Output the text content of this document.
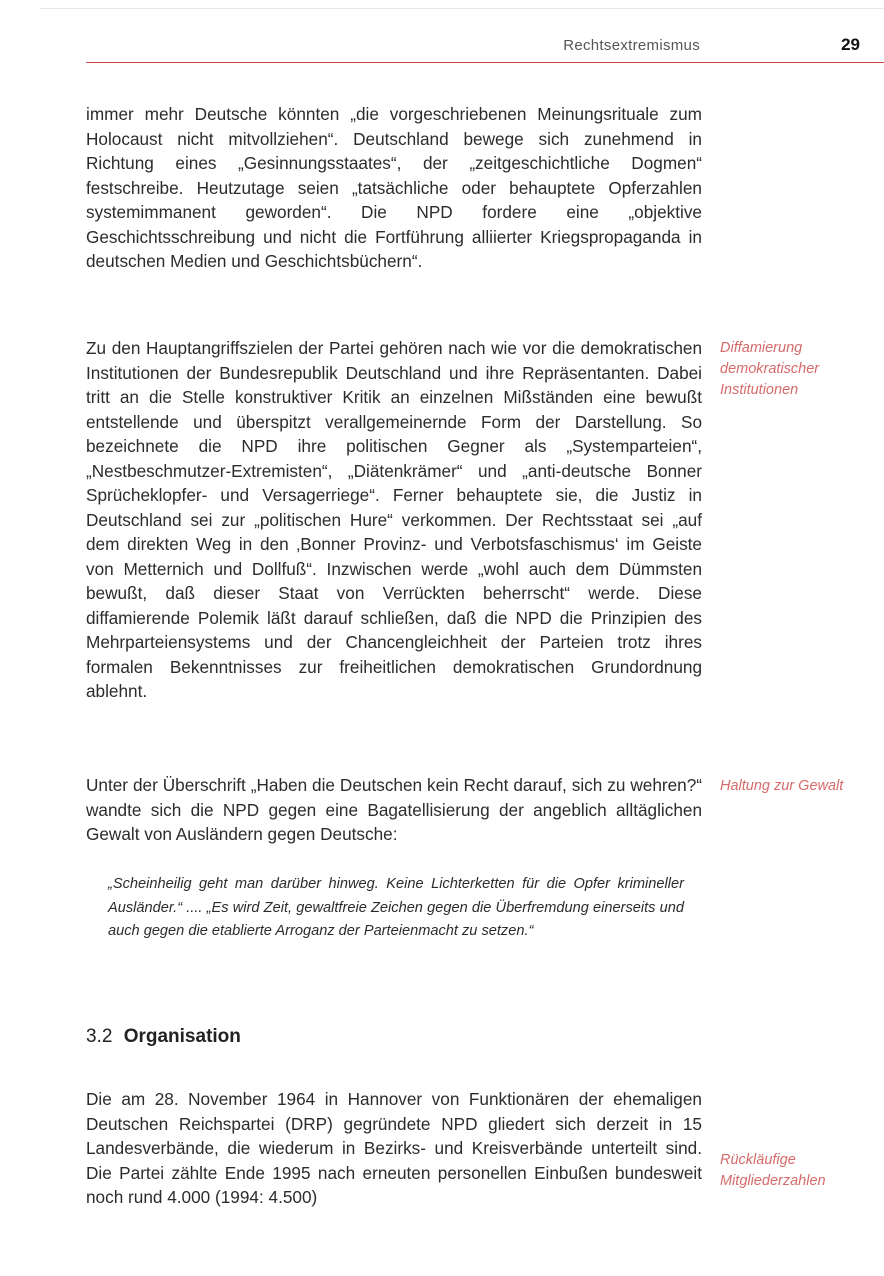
Rechtsextremismus	29
immer mehr Deutsche könnten „die vorgeschriebenen Meinungsrituale zum Holocaust nicht mitvollziehen“. Deutschland bewege sich zunehmend in Richtung eines „Gesinnungsstaates“, der „zeitgeschichtliche Dogmen“ festschreibe. Heutzutage seien „tatsächliche oder behauptete Opferzahlen systemimmanent geworden“. Die NPD fordere eine „objektive Geschichtsschreibung und nicht die Fortführung alliierter Kriegspropaganda in deutschen Medien und Geschichtsbüchern“.
Zu den Hauptangriffszielen der Partei gehören nach wie vor die demokratischen Institutionen der Bundesrepublik Deutschland und ihre Repräsentanten. Dabei tritt an die Stelle konstruktiver Kritik an einzelnen Mißständen eine bewußt entstellende und überspitzt verallgemeinernde Form der Darstellung. So bezeichnete die NPD ihre politischen Gegner als „Systemparteien“, „Nestbeschmutzer-Extremisten“, „Diätenkrämer“ und „anti-deutsche Bonner Sprücheklopfer- und Versagerriege“. Ferner behauptete sie, die Justiz in Deutschland sei zur „politischen Hure“ verkommen. Der Rechtsstaat sei „auf dem direkten Weg in den ‚Bonner Provinz- und Verbotsfaschismus‘ im Geiste von Metternich und Dollfuß“. Inzwischen werde „wohl auch dem Dümmsten bewußt, daß dieser Staat von Verrückten beherrscht“ werde. Diese diffamierende Polemik läßt darauf schließen, daß die NPD die Prinzipien des Mehrparteiensystems und der Chancengleichheit der Parteien trotz ihres formalen Bekenntnisses zur freiheitlichen demokratischen Grundordnung ablehnt.
Unter der Überschrift „Haben die Deutschen kein Recht darauf, sich zu wehren?“ wandte sich die NPD gegen eine Bagatellisierung der angeblich alltäglichen Gewalt von Ausländern gegen Deutsche:
„Scheinheilig geht man darüber hinweg. Keine Lichterketten für die Opfer krimineller Ausländer.“ .... „Es wird Zeit, gewaltfreie Zeichen gegen die Überfremdung einerseits und auch gegen die etablierte Arroganz der Parteienmacht zu setzen.“
3.2 Organisation
Die am 28. November 1964 in Hannover von Funktionären der ehemaligen Deutschen Reichspartei (DRP) gegründete NPD gliedert sich derzeit in 15 Landesverbände, die wiederum in Bezirks- und Kreisverbände unterteilt sind. Die Partei zählte Ende 1995 nach erneuten personellen Einbußen bundesweit noch rund 4.000 (1994: 4.500)
Diffamierung demokratischer Institutionen
Haltung zur Gewalt
Rückläufige Mitgliederzahlen
